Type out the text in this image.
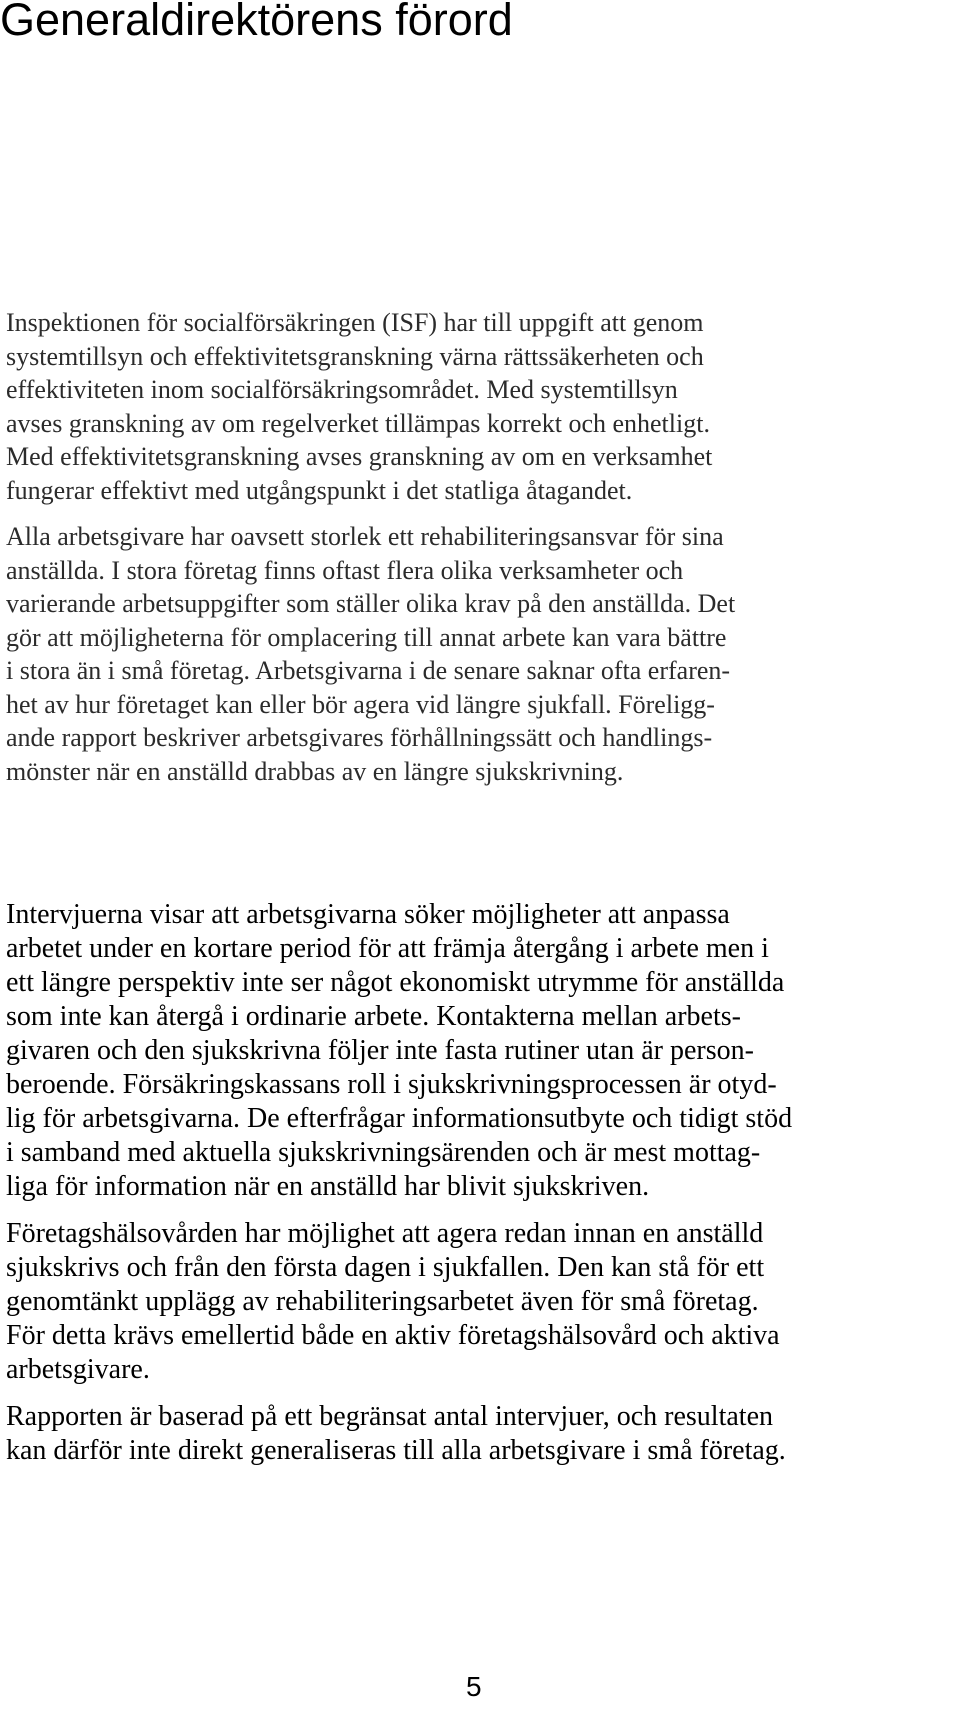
Generaldirektörens förord

Inspektionen för socialförsäkringen (ISF) har till uppgift att genom
systemtillsyn och effektivitetsgranskning värna rättssäkerheten och
effektiviteten inom socialförsäkringsområdet. Med systemtillsyn
avses granskning av om regelverket tillämpas korrekt och enhetligt.
Med effektivitetsgranskning avses granskning av om en verksamhet
fungerar effektivt med utgångspunkt i det statliga åtagandet.

Alla arbetsgivare har oavsett storlek ett rehabiliteringsansvar för sina
anställda. I stora företag finns oftast flera olika verksamheter och
varierande arbetsuppgifter som ställer olika krav på den anställda. Det
gör att möjligheterna för omplacering till annat arbete kan vara bättre
i stora än i små företag. Arbetsgivarna i de senare saknar ofta erfaren-
het av hur företaget kan eller bör agera vid längre sjukfall. Föreligg-
ande rapport beskriver arbetsgivares förhållningssätt och handlings-
mönster när en anställd drabbas av en längre sjukskrivning.

Intervjuerna visar att arbetsgivarna söker möjligheter att anpassa
arbetet under en kortare period för att främja återgång i arbete men i
ett längre perspektiv inte ser något ekonomiskt utrymme för anställda
som inte kan återgå i ordinarie arbete. Kontakterna mellan arbets-
givaren och den sjukskrivna följer inte fasta rutiner utan är person-
beroende. Försäkringskassans roll i sjukskrivningsprocessen är otyd-
lig för arbetsgivarna. De efterfrågar informationsutbyte och tidigt stöd
i samband med aktuella sjukskrivningsärenden och är mest mottag-
liga för information när en anställd har blivit sjukskriven.

Företagshälsovården har möjlighet att agera redan innan en anställd
sjukskrivs och från den första dagen i sjukfallen. Den kan stå för ett
genomtänkt upplägg av rehabiliteringsarbetet även för små företag.
För detta krävs emellertid både en aktiv företagshälsovård och aktiva
arbetsgivare.

Rapporten är baserad på ett begränsat antal intervjuer, och resultaten
kan därför inte direkt generaliseras till alla arbetsgivare i små företag.

5
